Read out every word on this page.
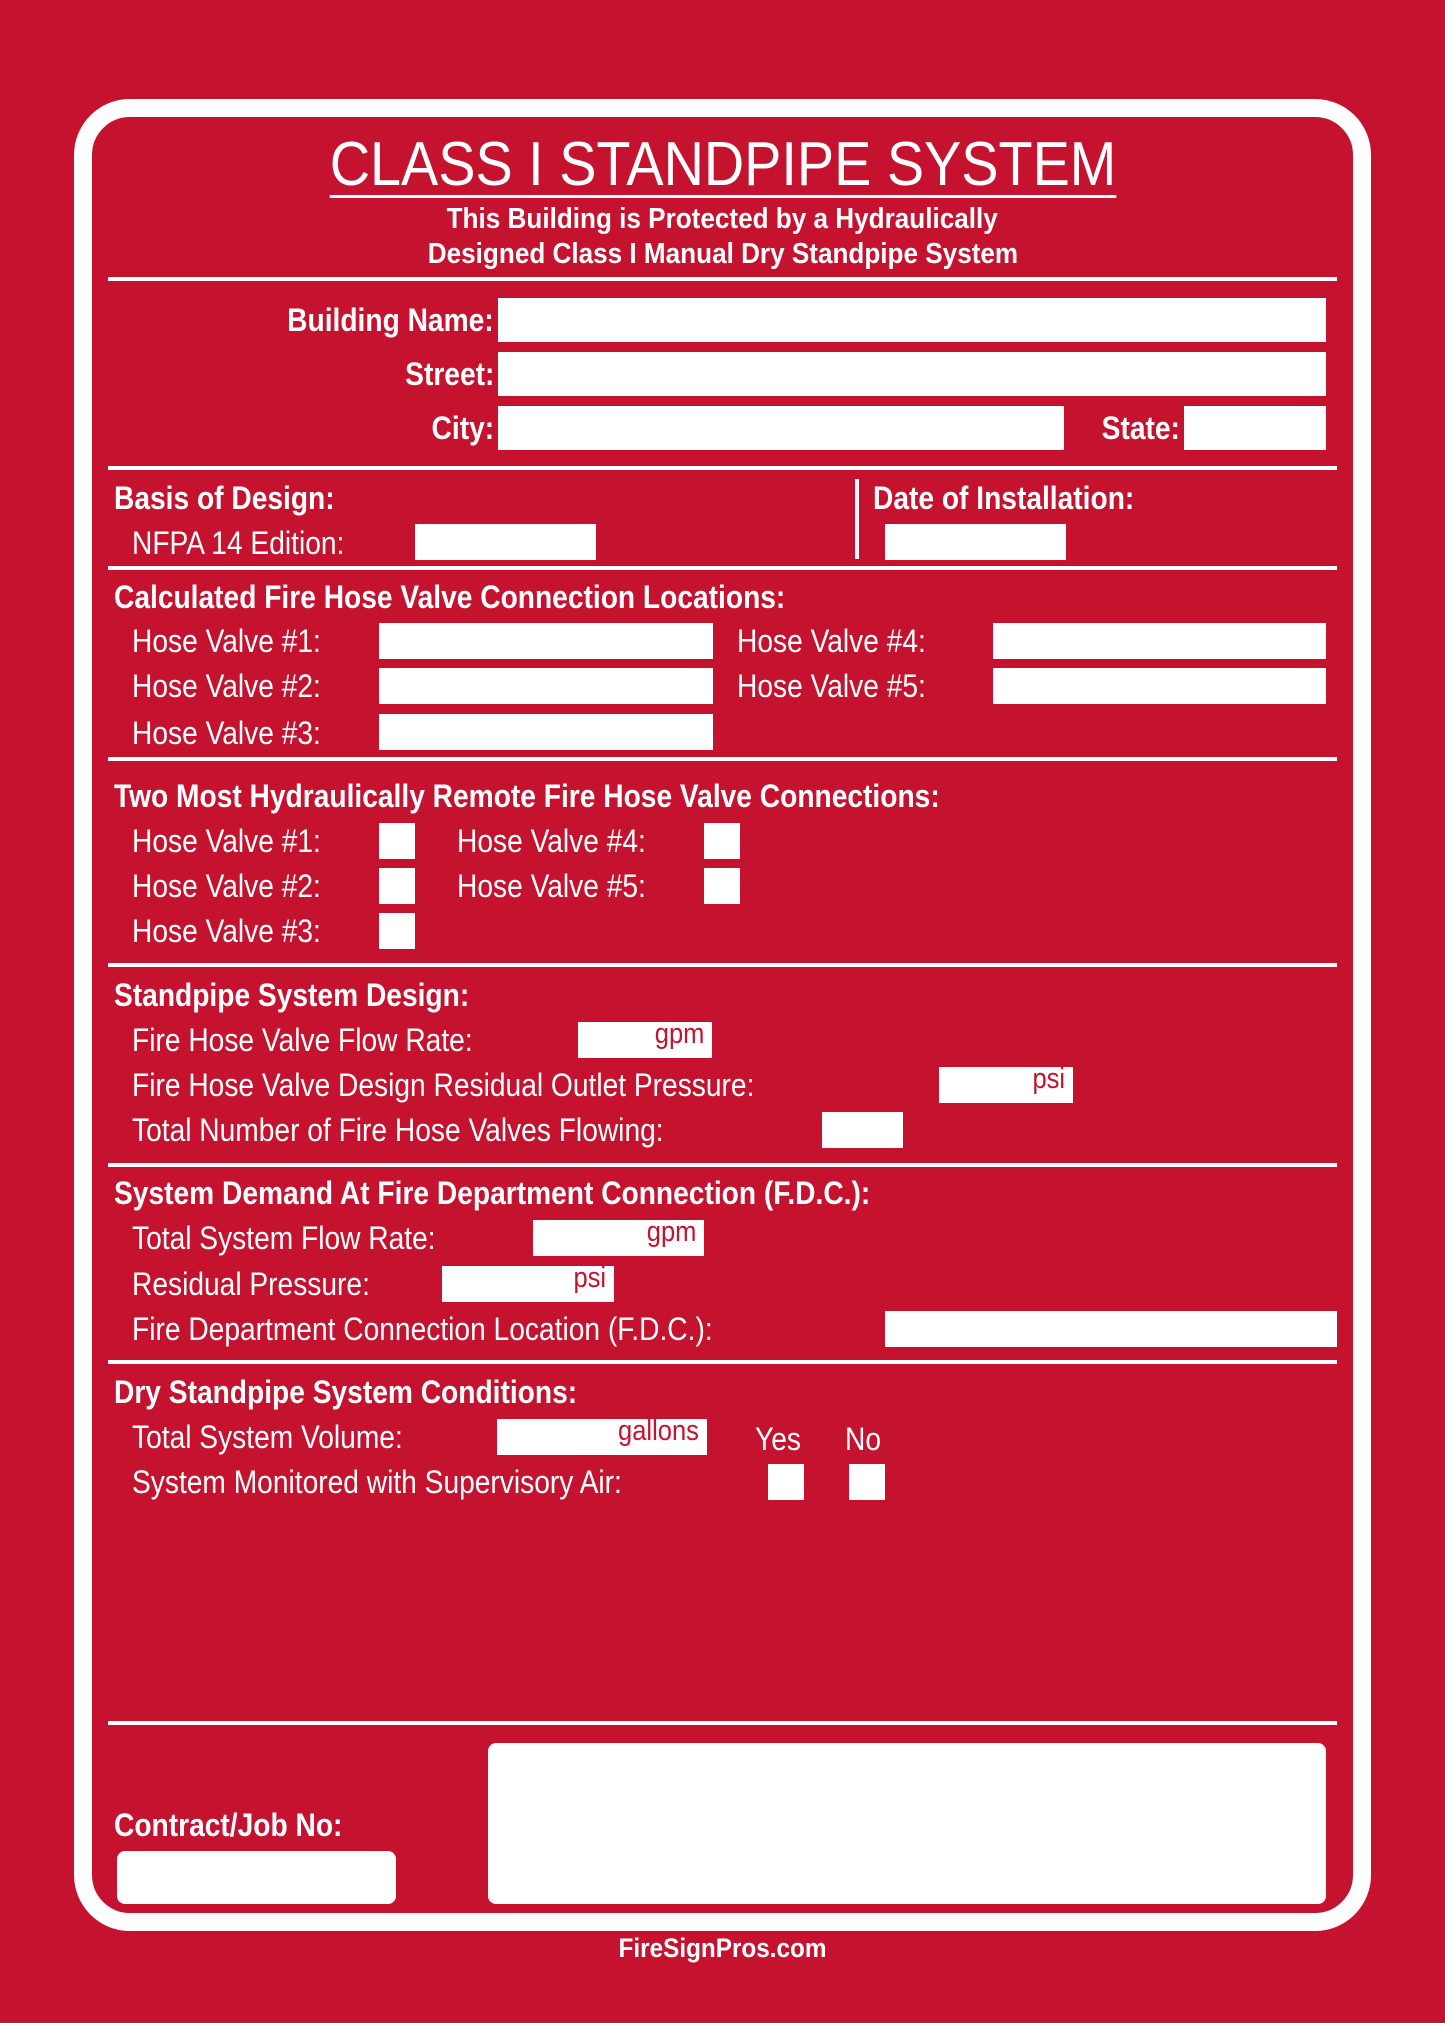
CLASS I STANDPIPE SYSTEM
This Building is Protected by a Hydraulically
Designed Class I Manual Dry Standpipe System
Building Name:
Street:
City:	State:
Basis of Design:
NFPA 14 Edition:
Date of Installation:
Calculated Fire Hose Valve Connection Locations:
Hose Valve #1:
Hose Valve #2:
Hose Valve #3:
Hose Valve #4:
Hose Valve #5:
Two Most Hydraulically Remote Fire Hose Valve Connections:
Hose Valve #1:
Hose Valve #2:
Hose Valve #3:
Hose Valve #4:
Hose Valve #5:
Standpipe System Design:
Fire Hose Valve Flow Rate:	gpm
Fire Hose Valve Design Residual Outlet Pressure:	psi
Total Number of Fire Hose Valves Flowing:
System Demand At Fire Department Connection (F.D.C.):
Total System Flow Rate:	gpm
Residual Pressure:	psi
Fire Department Connection Location (F.D.C.):
Dry Standpipe System Conditions:
Total System Volume:	gallons Yes No
System Monitored with Supervisory Air:
Contract/Job No:
FireSignPros.com
